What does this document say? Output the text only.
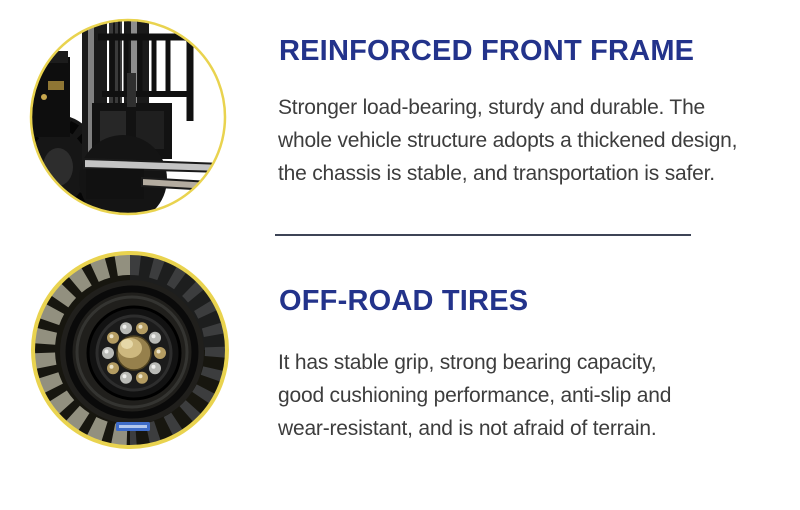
REINFORCED FRONT FRAME
Stronger load-bearing, sturdy and durable. The
whole vehicle structure adopts a thickened design,
the chassis is stable, and transportation is safer.
OFF-ROAD TIRES
It has stable grip, strong bearing capacity,
good cushioning performance, anti-slip and
wear-resistant, and is not afraid of terrain.
